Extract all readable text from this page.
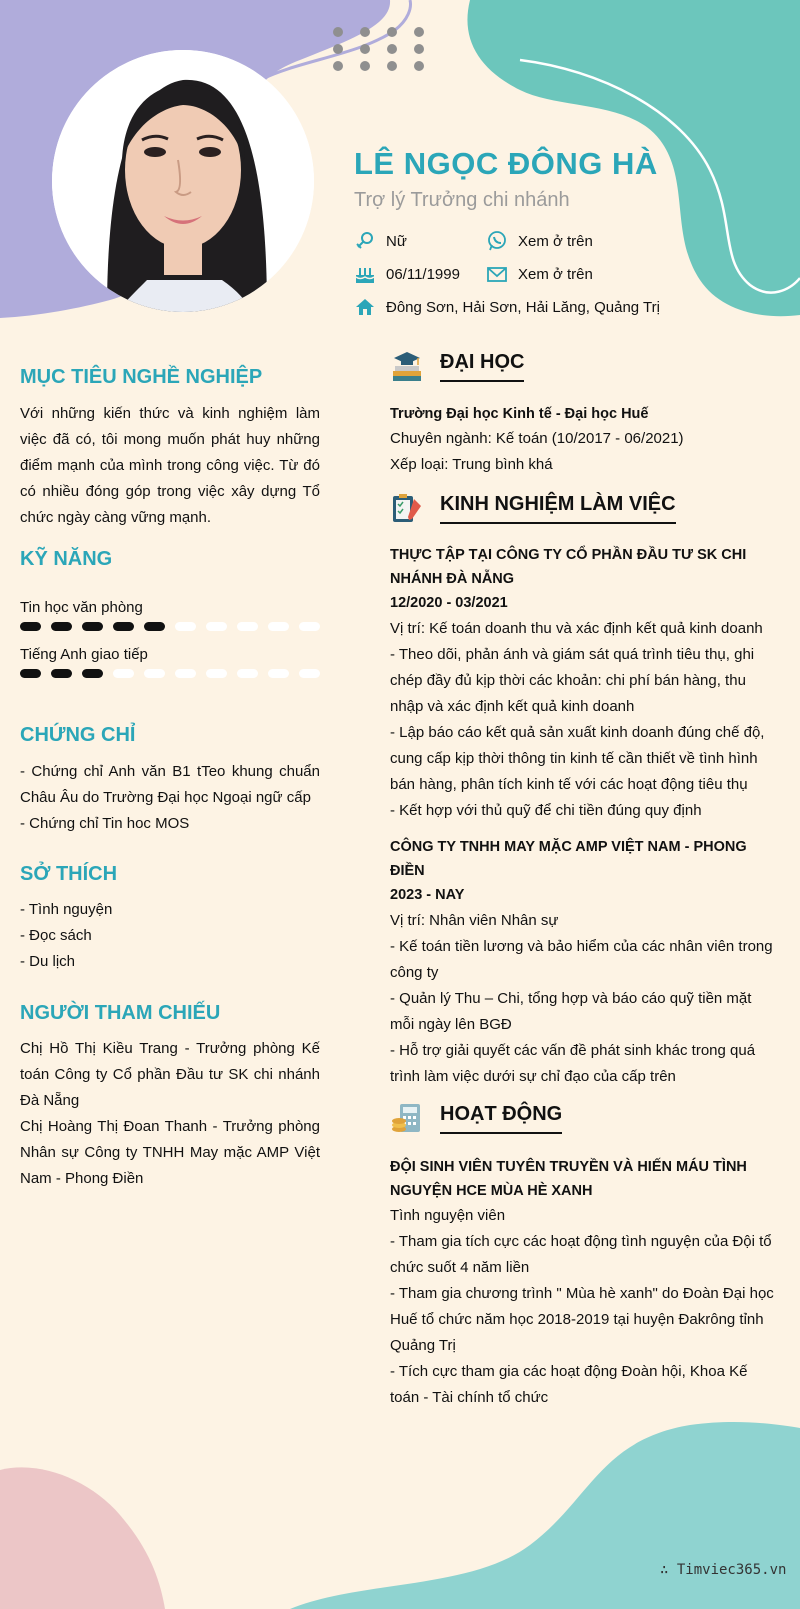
LÊ NGỌC ĐÔNG HÀ
Trợ lý Trưởng chi nhánh
Nữ	Xem ở trên
06/11/1999	Xem ở trên
Đông Sơn, Hải Sơn, Hải Lăng, Quảng Trị
MỤC TIÊU NGHỀ NGHIỆP
Với những kiến thức và kinh nghiệm làm việc đã có, tôi mong muốn phát huy những điểm mạnh của mình trong công việc. Từ đó có nhiều đóng góp trong việc xây dựng Tổ chức ngày càng vững mạnh.
KỸ NĂNG
Tin học văn phòng
Tiếng Anh giao tiếp
CHỨNG CHỈ
- Chứng chỉ Anh văn B1 tTeo khung chuẩn Châu Âu do Trường Đại học Ngoại ngữ cấp
- Chứng chỉ Tin hoc MOS
SỞ THÍCH
- Tình nguyện
- Đọc sách
- Du lịch
NGƯỜI THAM CHIẾU
Chị Hồ Thị Kiều Trang - Trưởng phòng Kế toán Công ty Cổ phần Đầu tư SK chi nhánh Đà Nẵng
Chị Hoàng Thị Đoan Thanh - Trưởng phòng Nhân sự Công ty TNHH May mặc AMP Việt Nam - Phong Điền
ĐẠI HỌC
Trường Đại học Kinh tế - Đại học Huế
Chuyên ngành: Kế toán (10/2017 - 06/2021)
Xếp loại: Trung bình khá
KINH NGHIỆM LÀM VIỆC
THỰC TẬP TẠI CÔNG TY CỔ PHẦN ĐẦU TƯ SK CHI NHÁNH ĐÀ NẴNG
12/2020 - 03/2021
Vị trí: Kế toán doanh thu và xác định kết quả kinh doanh
- Theo dõi, phản ánh và giám sát quá trình tiêu thụ, ghi chép đầy đủ kịp thời các khoản: chi phí bán hàng, thu nhập và xác định kết quả kinh doanh
- Lập báo cáo kết quả sản xuất kinh doanh đúng chế độ, cung cấp kịp thời thông tin kinh tế cần thiết về tình hình bán hàng, phân tích kinh tế với các hoạt động tiêu thụ
- Kết hợp với thủ quỹ để chi tiền đúng quy định
CÔNG TY TNHH MAY MẶC AMP VIỆT NAM - PHONG ĐIỀN
2023 - NAY
Vị trí: Nhân viên Nhân sự
- Kế toán tiền lương và bảo hiểm của các nhân viên trong công ty
- Quản lý Thu – Chi, tổng hợp và báo cáo quỹ tiền mặt mỗi ngày lên BGĐ
- Hỗ trợ giải quyết các vấn đề phát sinh khác trong quá trình làm việc dưới sự chỉ đạo của cấp trên
HOẠT ĐỘNG
ĐỘI SINH VIÊN TUYÊN TRUYỀN VÀ HIẾN MÁU TÌNH NGUYỆN HCE MÙA HÈ XANH
Tình nguyện viên
- Tham gia tích cực các hoạt động tình nguyện của Đội tổ chức suốt 4 năm liền
- Tham gia chương trình " Mùa hè xanh" do Đoàn Đại học Huế tổ chức năm học 2018-2019 tại huyện Đakrông tỉnh Quảng Trị
- Tích cực tham gia các hoạt động Đoàn hội, Khoa Kế toán - Tài chính tổ chức
∴ Timviec365.vn
